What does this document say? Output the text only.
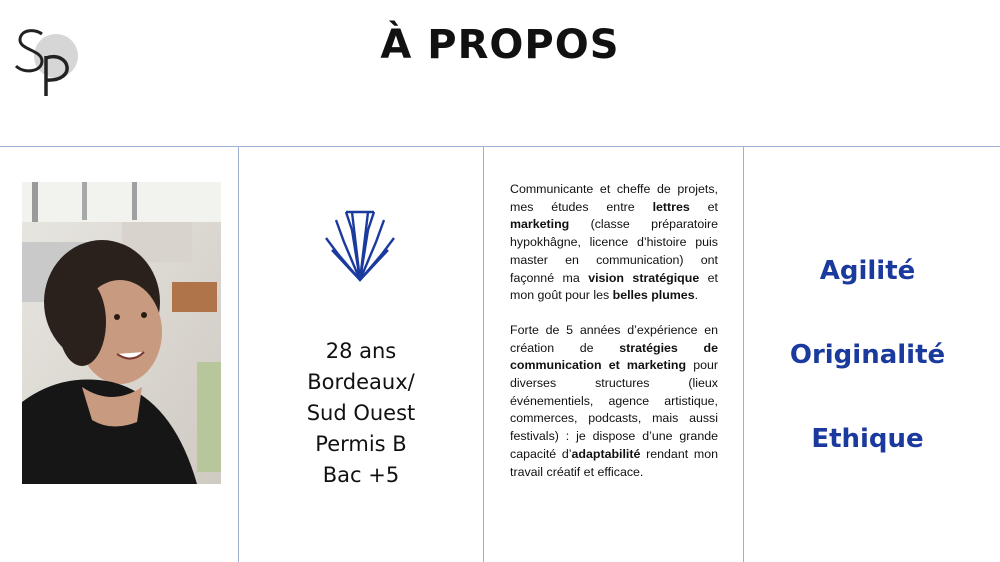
À PROPOS
28 ans
Bordeaux/
Sud Ouest
Permis B
Bac +5

Communicante et cheffe de projets, mes études entre lettres et marketing (classe préparatoire hypokhâgne, licence d’histoire puis master en communication) ont façonné ma vision stratégique et mon goût pour les belles plumes.

Forte de 5 années d’expérience en création de stratégies de communication et marketing pour diverses structures (lieux événementiels, agence artistique, commerces, podcasts, mais aussi festivals) : je dispose d’une grande capacité d’adaptabilité rendant mon travail créatif et efficace.

Agilité
Originalité
Ethique
